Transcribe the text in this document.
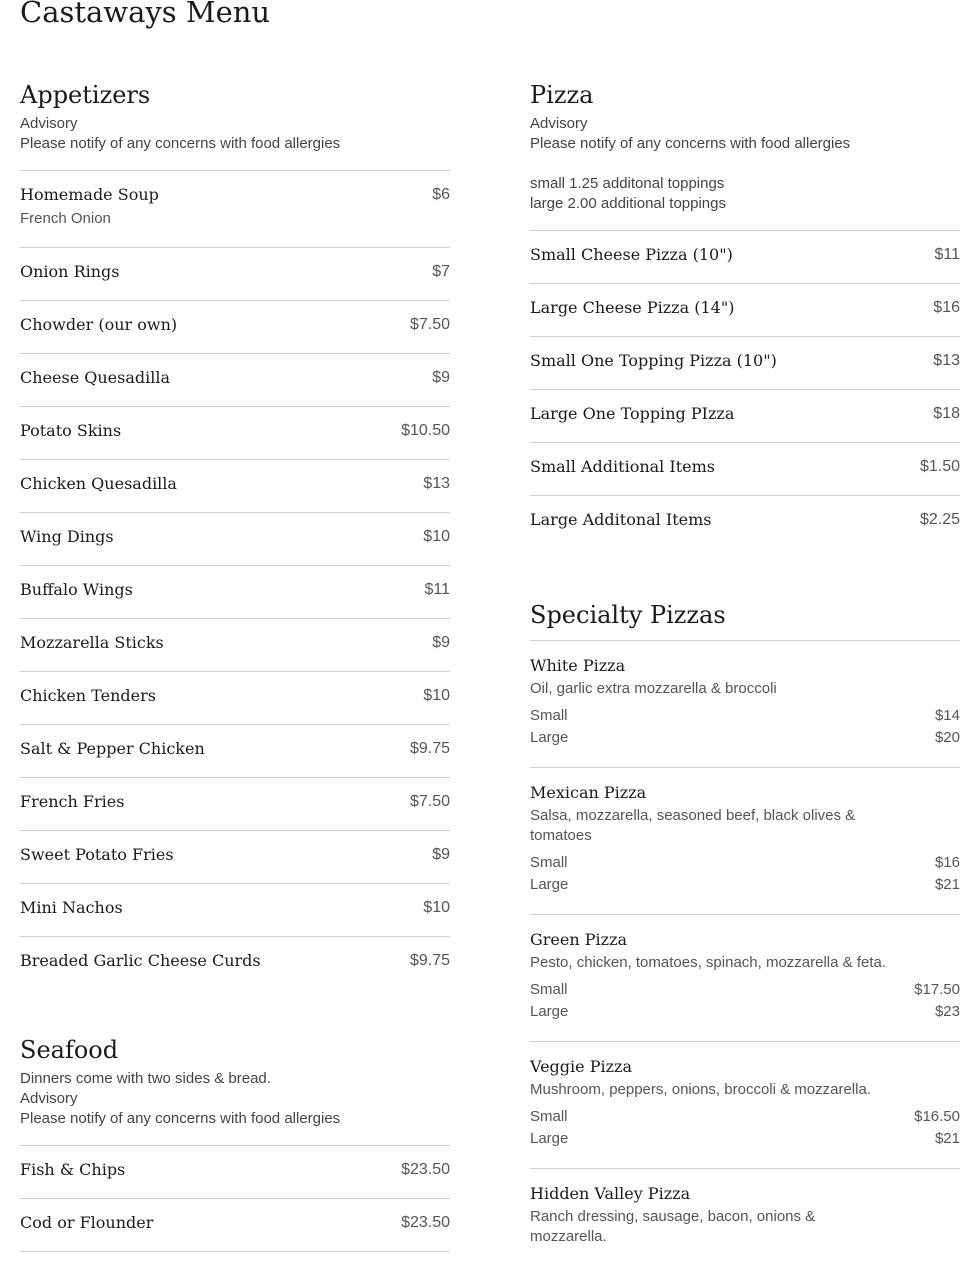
Castaways Menu
Appetizers
Advisory
Please notify of any concerns with food allergies
Homemade Soup	$6
French Onion
Onion Rings	$7
Chowder (our own)	$7.50
Cheese Quesadilla	$9
Potato Skins	$10.50
Chicken Quesadilla	$13
Wing Dings	$10
Buffalo Wings	$11
Mozzarella Sticks	$9
Chicken Tenders	$10
Salt & Pepper Chicken	$9.75
French Fries	$7.50
Sweet Potato Fries	$9
Mini Nachos	$10
Breaded Garlic Cheese Curds	$9.75
Seafood
Dinners come with two sides & bread.
Advisory
Please notify of any concerns with food allergies
Fish & Chips	$23.50
Cod or Flounder	$23.50
Pizza
Advisory
Please notify of any concerns with food allergies
small 1.25 additonal toppings
large 2.00 additional toppings
Small Cheese Pizza (10")	$11
Large Cheese Pizza (14")	$16
Small One Topping Pizza (10")	$13
Large One Topping PIzza	$18
Small Additional Items	$1.50
Large Additonal Items	$2.25
Specialty Pizzas
White Pizza
Oil, garlic extra mozzarella & broccoli
Small	$14
Large	$20
Mexican Pizza
Salsa, mozzarella, seasoned beef, black olives & tomatoes
Small	$16
Large	$21
Green Pizza
Pesto, chicken, tomatoes, spinach, mozzarella & feta.
Small	$17.50
Large	$23
Veggie Pizza
Mushroom, peppers, onions, broccoli & mozzarella.
Small	$16.50
Large	$21
Hidden Valley Pizza
Ranch dressing, sausage, bacon, onions & mozzarella.
